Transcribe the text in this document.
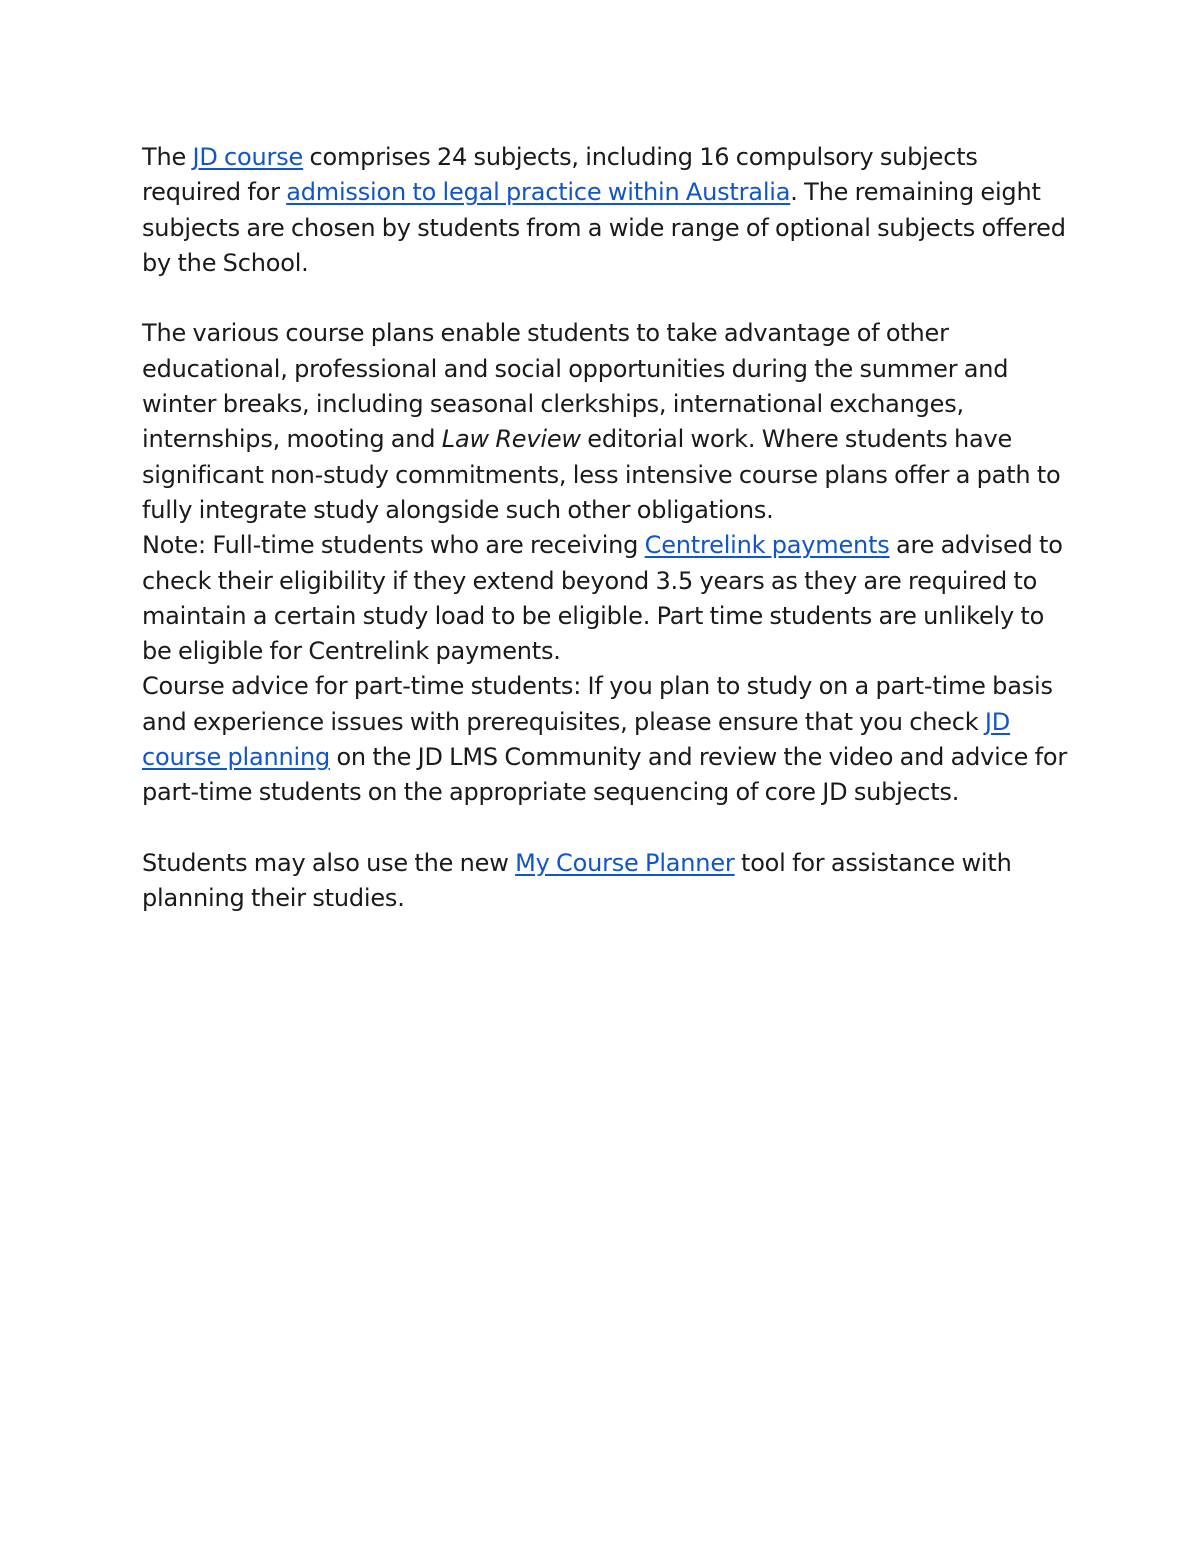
The JD course comprises 24 subjects, including 16 compulsory subjects required for admission to legal practice within Australia. The remaining eight subjects are chosen by students from a wide range of optional subjects offered by the School.

The various course plans enable students to take advantage of other educational, professional and social opportunities during the summer and winter breaks, including seasonal clerkships, international exchanges, internships, mooting and Law Review editorial work. Where students have significant non-study commitments, less intensive course plans offer a path to fully integrate study alongside such other obligations.

Note: Full-time students who are receiving Centrelink payments are advised to check their eligibility if they extend beyond 3.5 years as they are required to maintain a certain study load to be eligible. Part time students are unlikely to be eligible for Centrelink payments.

Course advice for part-time students: If you plan to study on a part-time basis and experience issues with prerequisites, please ensure that you check JD course planning on the JD LMS Community and review the video and advice for part-time students on the appropriate sequencing of core JD subjects.

Students may also use the new My Course Planner tool for assistance with planning their studies.
